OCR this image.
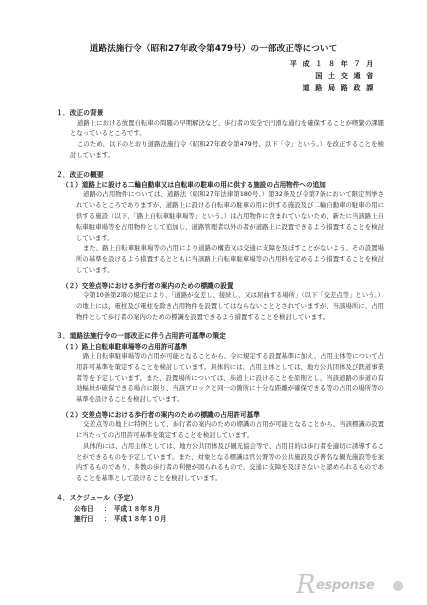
道路法施行令（昭和27年政令第479号）の一部改正等について
平 成 １ ８ 年 ７ 月
国 土 交 通 省
道 路 局 路 政 課
１．改正の背景
道路上における放置自転車の問題の早期解決など、歩行者の安全で円滑な通行を確保することが喫緊の課題となっているところです。
このため、以下のとおり道路法施行令（昭和27年政令第479号。以下「令」という。）を改正することを検討しています。
２．改正の概要
（１）道路上に設ける二輪自動車又は自転車の駐車の用に供する施設の占用物件への追加
道路の占用物件については、道路法（昭和27年法律第180号。）第32条及び令第7条において限定列挙されているところでありますが、道路上に設ける自転車の駐車の用に供する施設及び二輪自動車の駐車の用に供する施設（以下、「路上自転車駐車場等」という。）は占用物件に含まれていないため、新たに当該路上自転車駐車場等を占用物件として追加し、道路管理者以外の者が道路上に設置できるよう措置することを検討しています。
また、路上自転車駐車場等の占用により道路の構造又は交通に支障を及ぼすことがないよう、その設置場所の基準を設けるよう措置するとともに当該路上自転車駐車場等の占用料を定めるよう措置することを検討しています。
（２）交差点等における歩行者の案内のための標識の設置
令第10条第2項の規定により、「道路が交差し、接続し、又は屈曲する場所」（以下「交差点等」という。）の地上には、電柱及び電柱を除き占用物件を設置してはならないこととされていますが、当該場所に、占用物件として歩行者の案内のための標識を設置できるよう措置することを検討しています。
３．道路法施行令の一部改正に伴う占用許可基準の策定
（１）路上自転車駐車場等の占用許可基準
路上自転車駐車場等の占用が可能となることから、令に規定する設置基準に加え、占用主体等について占用許可基準を策定することを検討しています。具体的には、占用主体としては、地方公共団体及び鉄道事業者等を予定しています。また、設置場所については、歩道上に設けることを原則とし、当該道路の歩道の有効幅員が確保できる場合に限り、当該ブロックと同一の箇所に十分な距離が確保できる等の占用の場所等の基準を設けることを検討しています。
（２）交差点等における歩行者の案内のための標識の占用許可基準
交差点等の地上に特例として、歩行者の案内のための標識の占用が可能となることから、当該標識の設置に当たっての占用許可基準を策定することを検討しています。
具体的には、占用主体としては、地方公共団体及び観光協会等で、占用目的は歩行者を適切に誘導することができるものを予定しています。また、対象となる標識は官公署等の公共施設及び著名な観光施設等を案内するものであり、多数の歩行者の利便が図られるもので、交通に支障を及ぼさないと認められるものであることを基準として設けることを検討しています。
４．スケジュール（予定）
公布日 ：　平成１８年８月
施行日 ：　平成１８年１０月
R esponse
